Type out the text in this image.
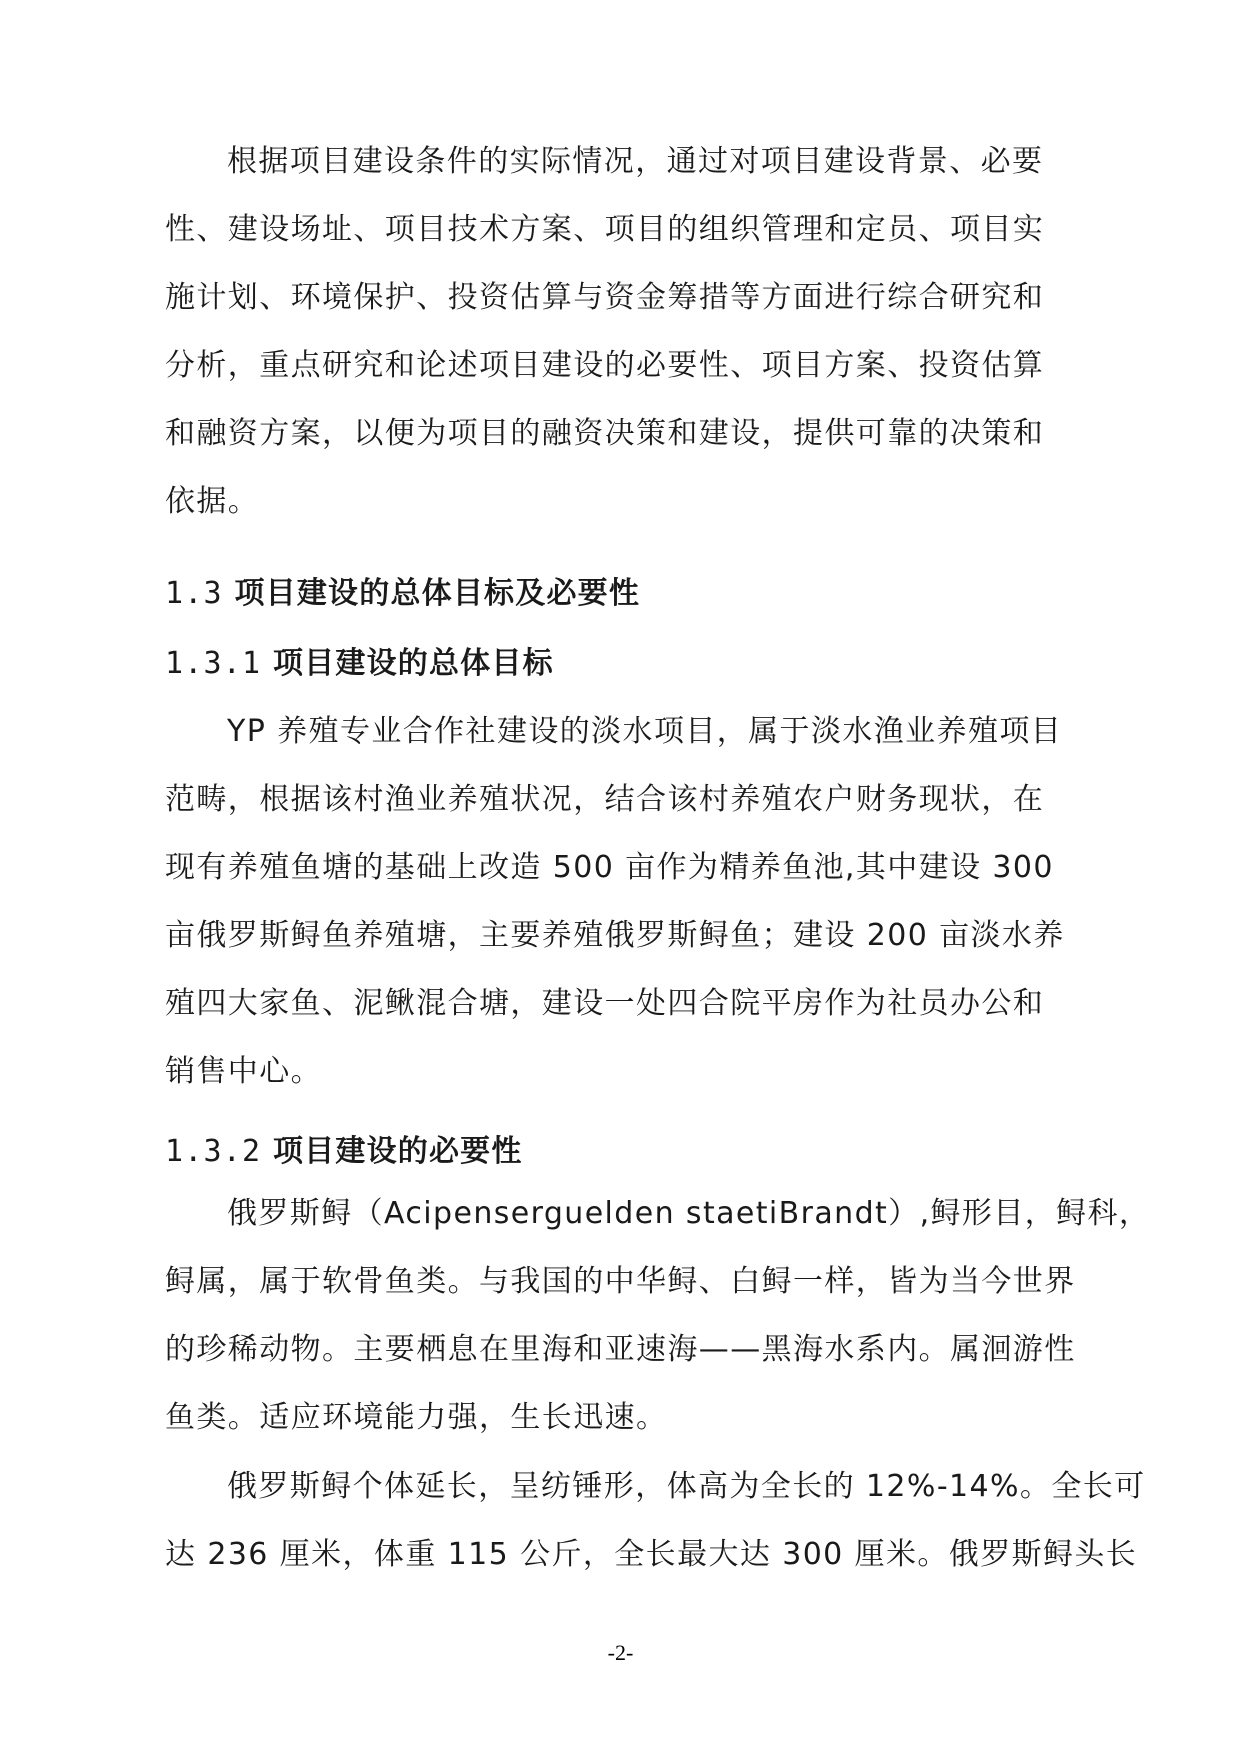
根据项目建设条件的实际情况，通过对项目建设背景、必要

性、建设场址、项目技术方案、项目的组织管理和定员、项目实

施计划、环境保护、投资估算与资金筹措等方面进行综合研究和

分析，重点研究和论述项目建设的必要性、项目方案、投资估算

和融资方案，以便为项目的融资决策和建设，提供可靠的决策和

依据。

1.3 项目建设的总体目标及必要性

1.3.1 项目建设的总体目标

YP 养殖专业合作社建设的淡水项目，属于淡水渔业养殖项目

范畴，根据该村渔业养殖状况，结合该村养殖农户财务现状，在

现有养殖鱼塘的基础上改造 500 亩作为精养鱼池,其中建设 300

亩俄罗斯鲟鱼养殖塘，主要养殖俄罗斯鲟鱼；建设 200 亩淡水养

殖四大家鱼、泥鳅混合塘，建设一处四合院平房作为社员办公和

销售中心。

1.3.2 项目建设的必要性

俄罗斯鲟（Acipenserguelden staetiBrandt）,鲟形目，鲟科，

鲟属，属于软骨鱼类。与我国的中华鲟、白鲟一样，皆为当今世界

的珍稀动物。主要栖息在里海和亚速海——黑海水系内。属洄游性

鱼类。适应环境能力强，生长迅速。

俄罗斯鲟个体延长，呈纺锤形，体高为全长的 12%-14%。全长可

达 236 厘米，体重 115 公斤，全长最大达 300 厘米。俄罗斯鲟头长

-2-
